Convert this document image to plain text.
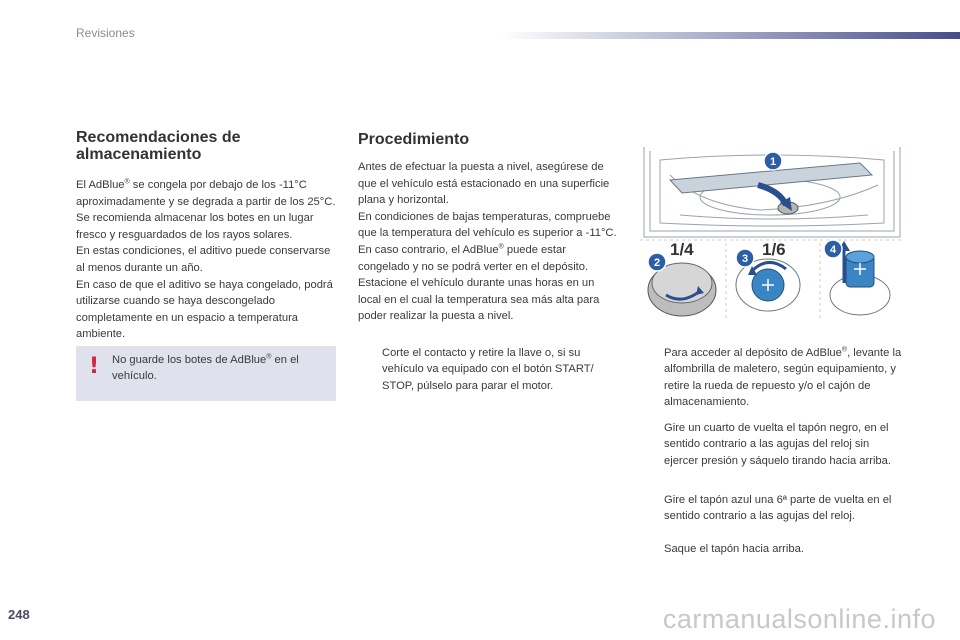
Revisiones
Recomendaciones de
almacenamiento

El AdBlue® se congela por debajo de los -11°C aproximadamente y se degrada a partir de los 25°C. Se recomienda almacenar los botes en un lugar fresco y resguardados de los rayos solares.

En estas condiciones, el aditivo puede conservarse al menos durante un año.

En caso de que el aditivo se haya congelado, podrá utilizarse cuando se haya descongelado completamente en un espacio a temperatura ambiente.

! No guarde los botes de AdBlue® en el vehículo.
Procedimiento

Antes de efectuar la puesta a nivel, asegúrese de que el vehículo está estacionado en una superficie plana y horizontal.

En condiciones de bajas temperaturas, compruebe que la temperatura del vehículo es superior a -11°C. En caso contrario, el AdBlue® puede estar congelado y no se podrá verter en el depósito. Estacione el vehículo durante unas horas en un local en el cual la temperatura sea más alta para poder realizar la puesta a nivel.

Corte el contacto y retire la llave o, si su vehículo va equipado con el botón START/ STOP, púlselo para parar el motor.
Para acceder al depósito de AdBlue®, levante la alfombrilla de maletero, según equipamiento, y retire la rueda de repuesto y/o el cajón de almacenamiento.
Gire un cuarto de vuelta el tapón negro, en el sentido contrario a las agujas del reloj sin ejercer presión y sáquelo tirando hacia arriba.
Gire el tapón azul una 6ª parte de vuelta en el sentido contrario a las agujas del reloj.
Saque el tapón hacia arriba.
1/4	1/6
1
2	3
4
248	carmanualsonline.info
